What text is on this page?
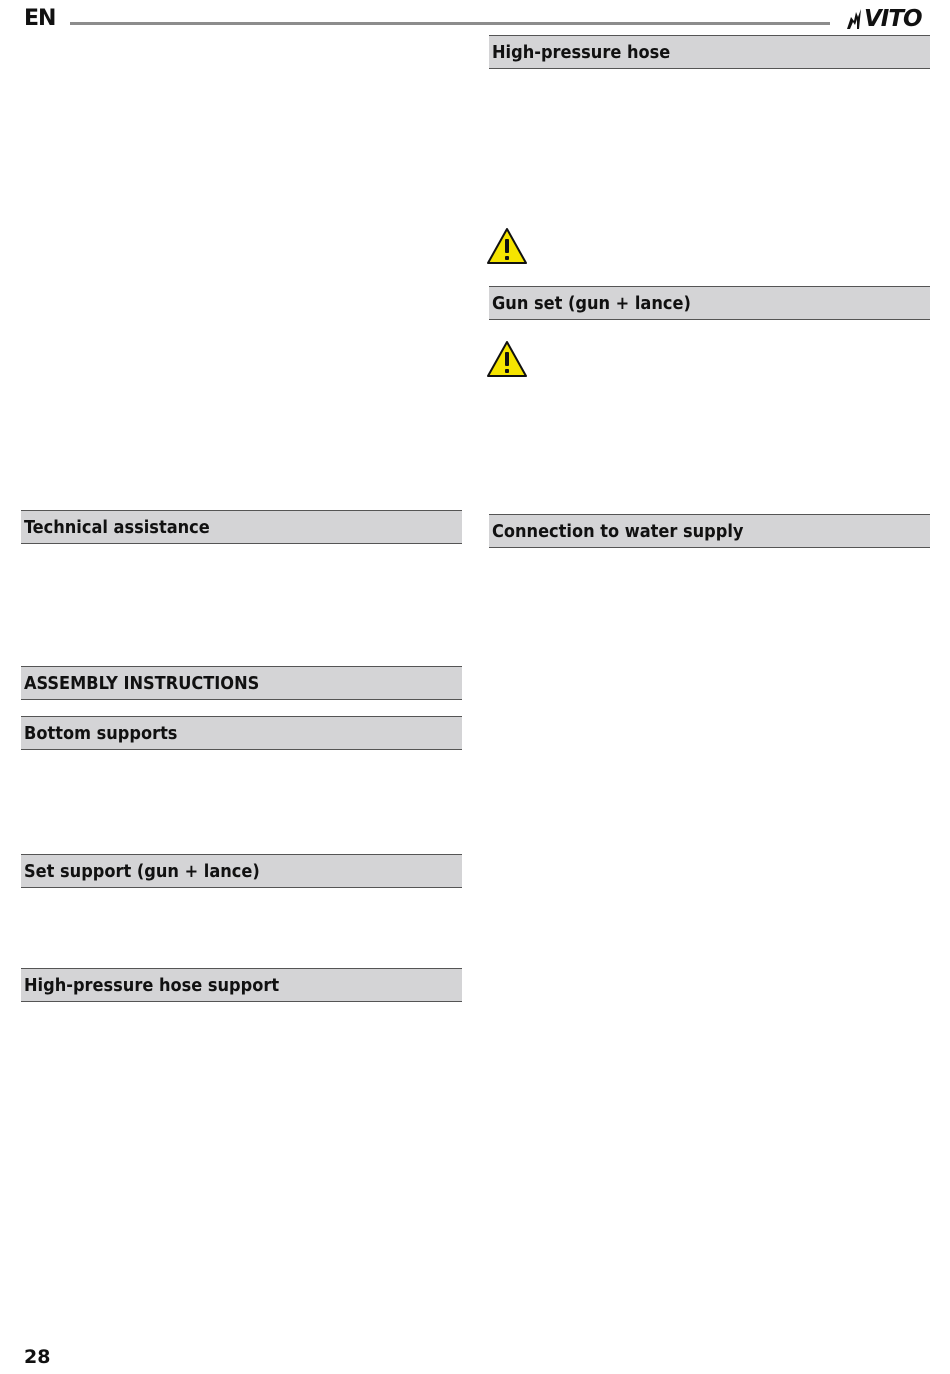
EN	VITO
High-pressure hose
Gun set (gun + lance)
Connection to water supply
Technical assistance
ASSEMBLY INSTRUCTIONS
Bottom supports
Set support (gun + lance)
High-pressure hose support
28
